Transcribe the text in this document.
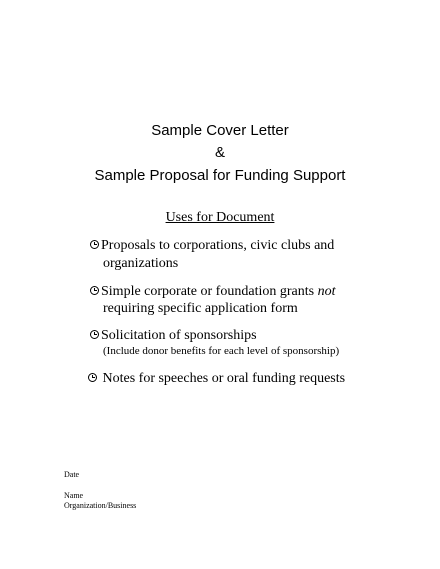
Sample Cover Letter
&
Sample Proposal for Funding Support
Uses for Document
Proposals to corporations, civic clubs and
organizations
Simple corporate or foundation grants not
requiring specific application form
Solicitation of sponsorships
(Include donor benefits for each level of sponsorship)
Notes for speeches or oral funding requests
Date
Name
Organization/Business
